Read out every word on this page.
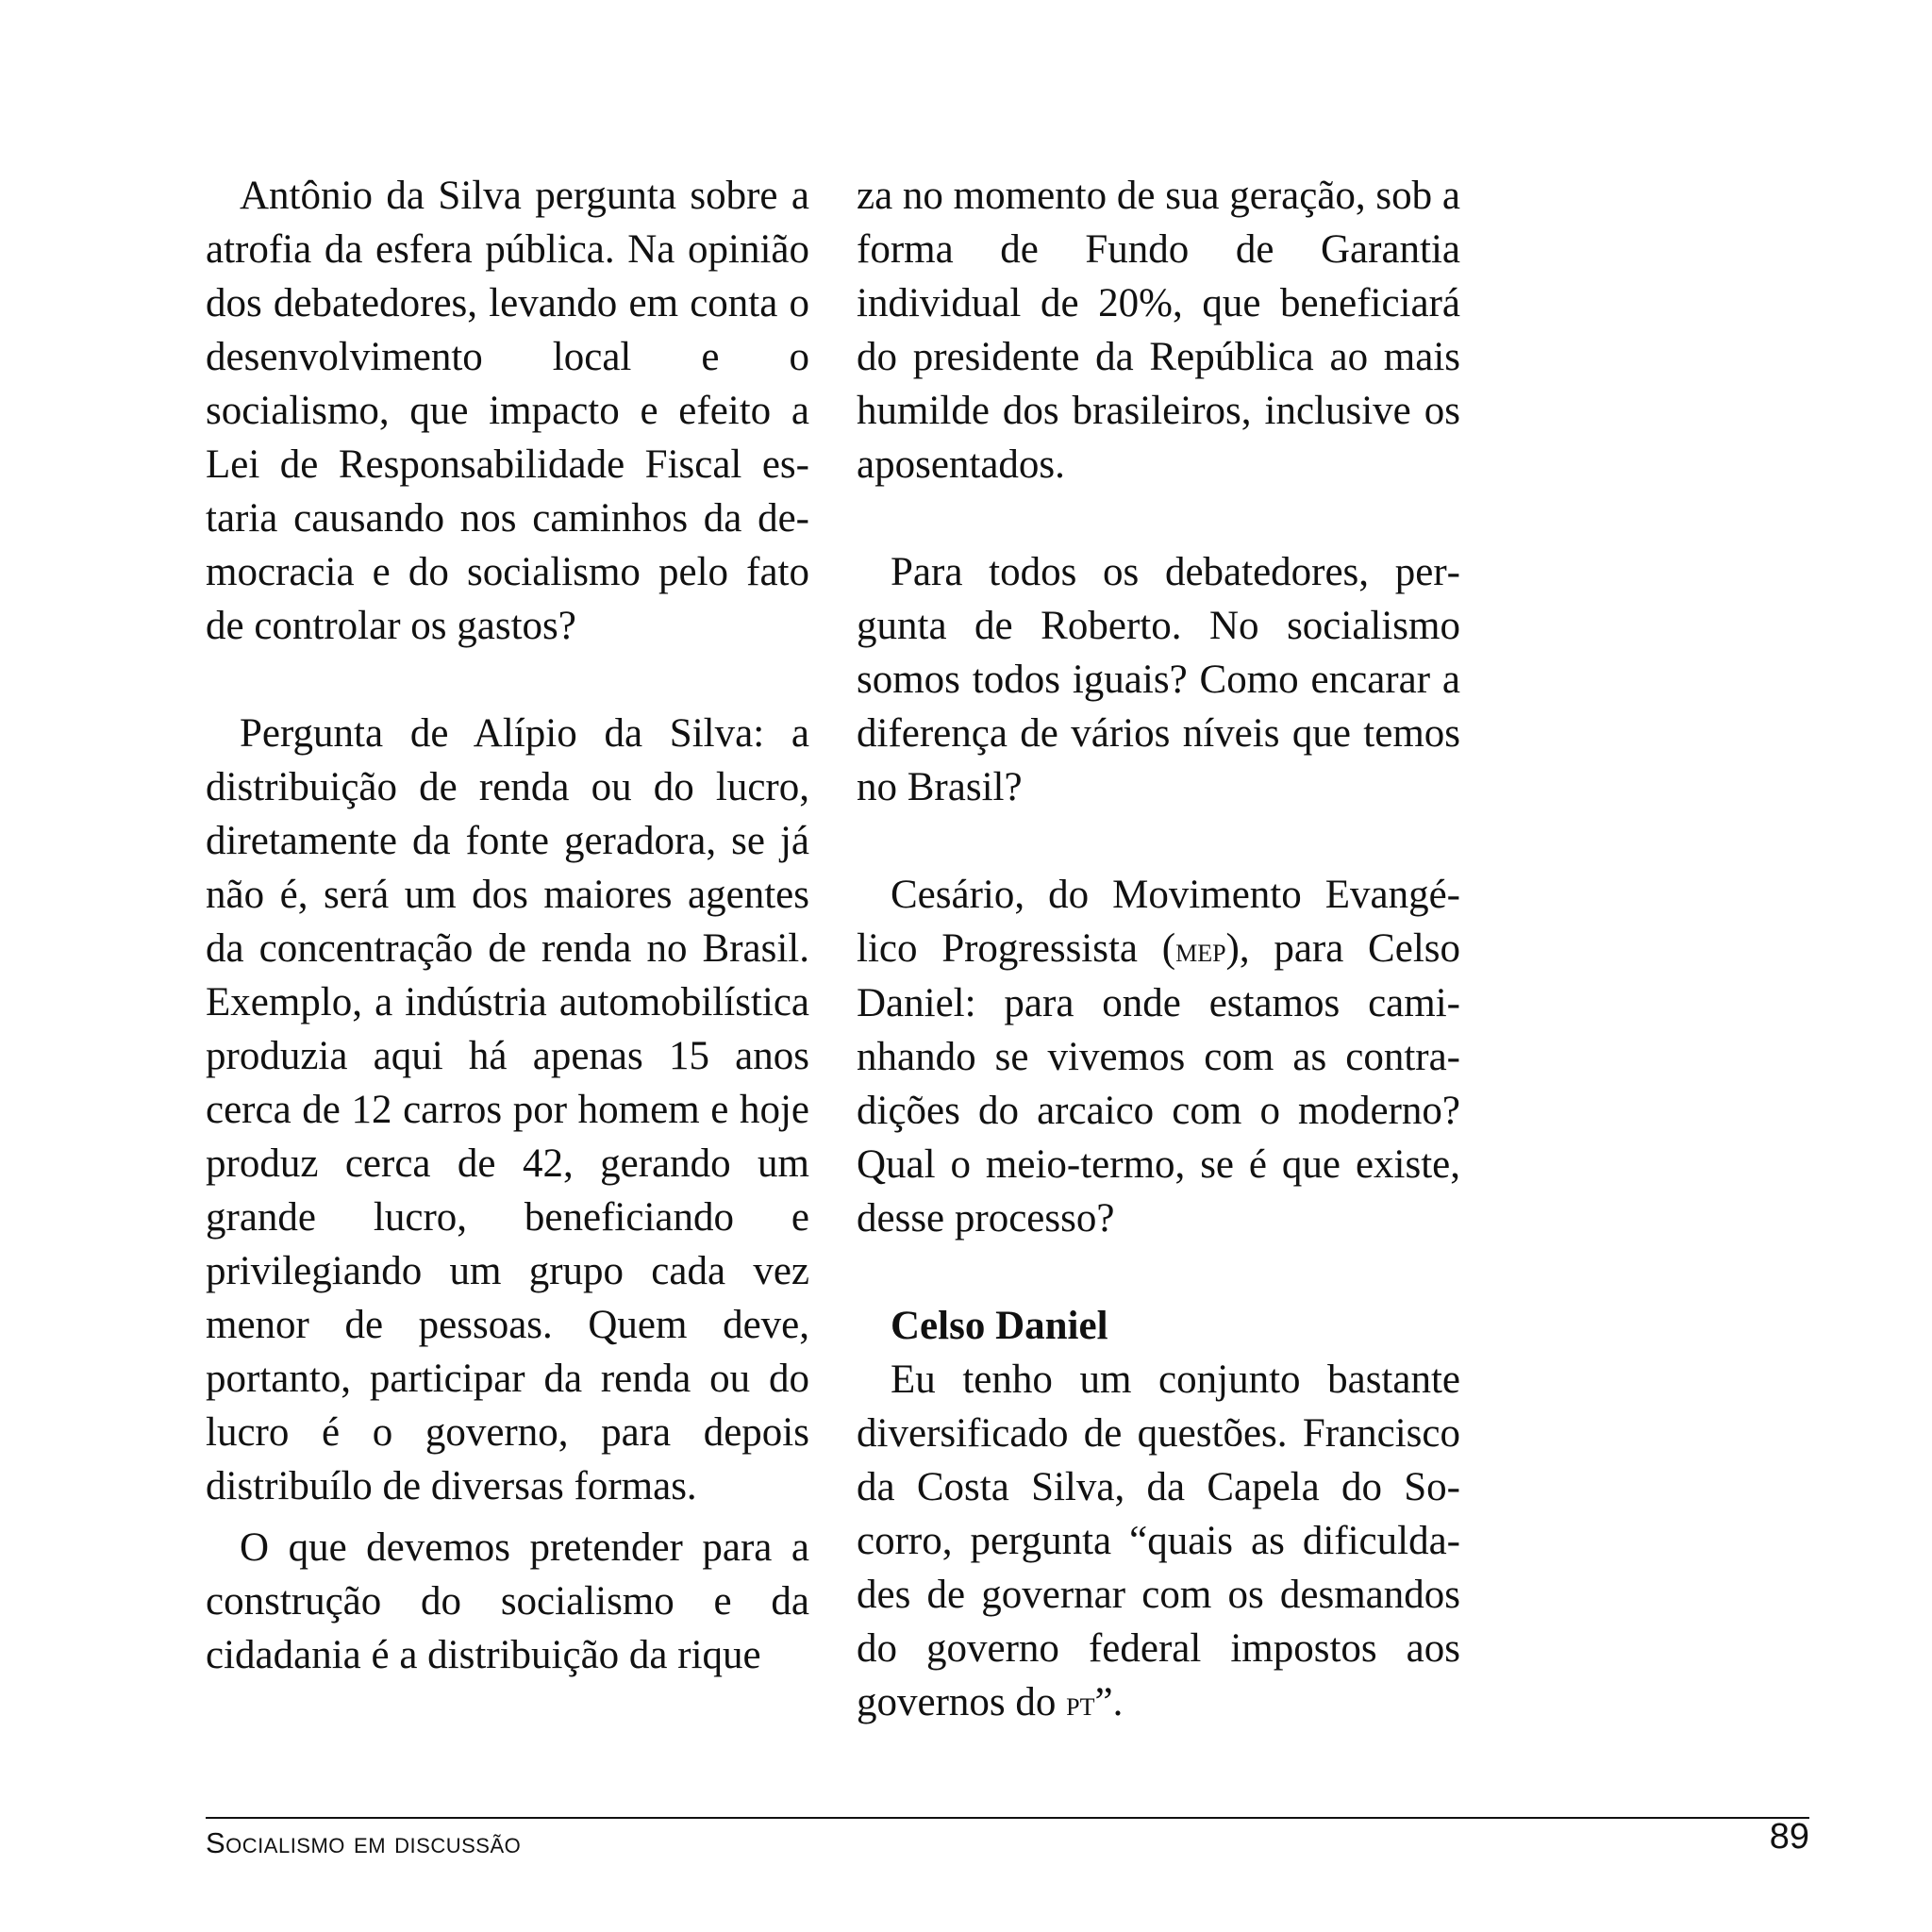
Antônio da Silva pergunta sobre a atrofia da esfera pública. Na opinião dos debatedores, levando em conta o desenvolvimento local e o socialismo, que impacto e efeito a Lei de Responsabilidade Fiscal estaria causando nos caminhos da democracia e do socialismo pelo fato de controlar os gastos?

Pergunta de Alípio da Silva: a distribuição de renda ou do lucro, diretamente da fonte geradora, se já não é, será um dos maiores agentes da concentração de renda no Brasil. Exemplo, a indústria automobilística produzia aqui há apenas 15 anos cerca de 12 carros por homem e hoje produz cerca de 42, gerando um grande lucro, beneficiando e privilegiando um grupo cada vez menor de pessoas. Quem deve, portanto, participar da renda ou do lucro é o governo, para depois distribuílo de diversas formas.

O que devemos pretender para a construção do socialismo e da cidadania é a distribuição da rique

za no momento de sua geração, sob a forma de Fundo de Garantia individual de 20%, que beneficiará do presidente da República ao mais humilde dos brasileiros, inclusive os aposentados.

Para todos os debatedores, pergunta de Roberto. No socialismo somos todos iguais? Como encarar a diferença de vários níveis que temos no Brasil?

Cesário, do Movimento Evangélico Progressista (mep), para Celso Daniel: para onde estamos caminhando se vivemos com as contradições do arcaico com o moderno? Qual o meio-termo, se é que existe, desse processo?

Celso Daniel

Eu tenho um conjunto bastante diversificado de questões. Francisco da Costa Silva, da Capela do Socorro, pergunta “quais as dificuldades de governar com os desmandos do governo federal impostos aos governos do pt”.

Socialismo em discussão	89
